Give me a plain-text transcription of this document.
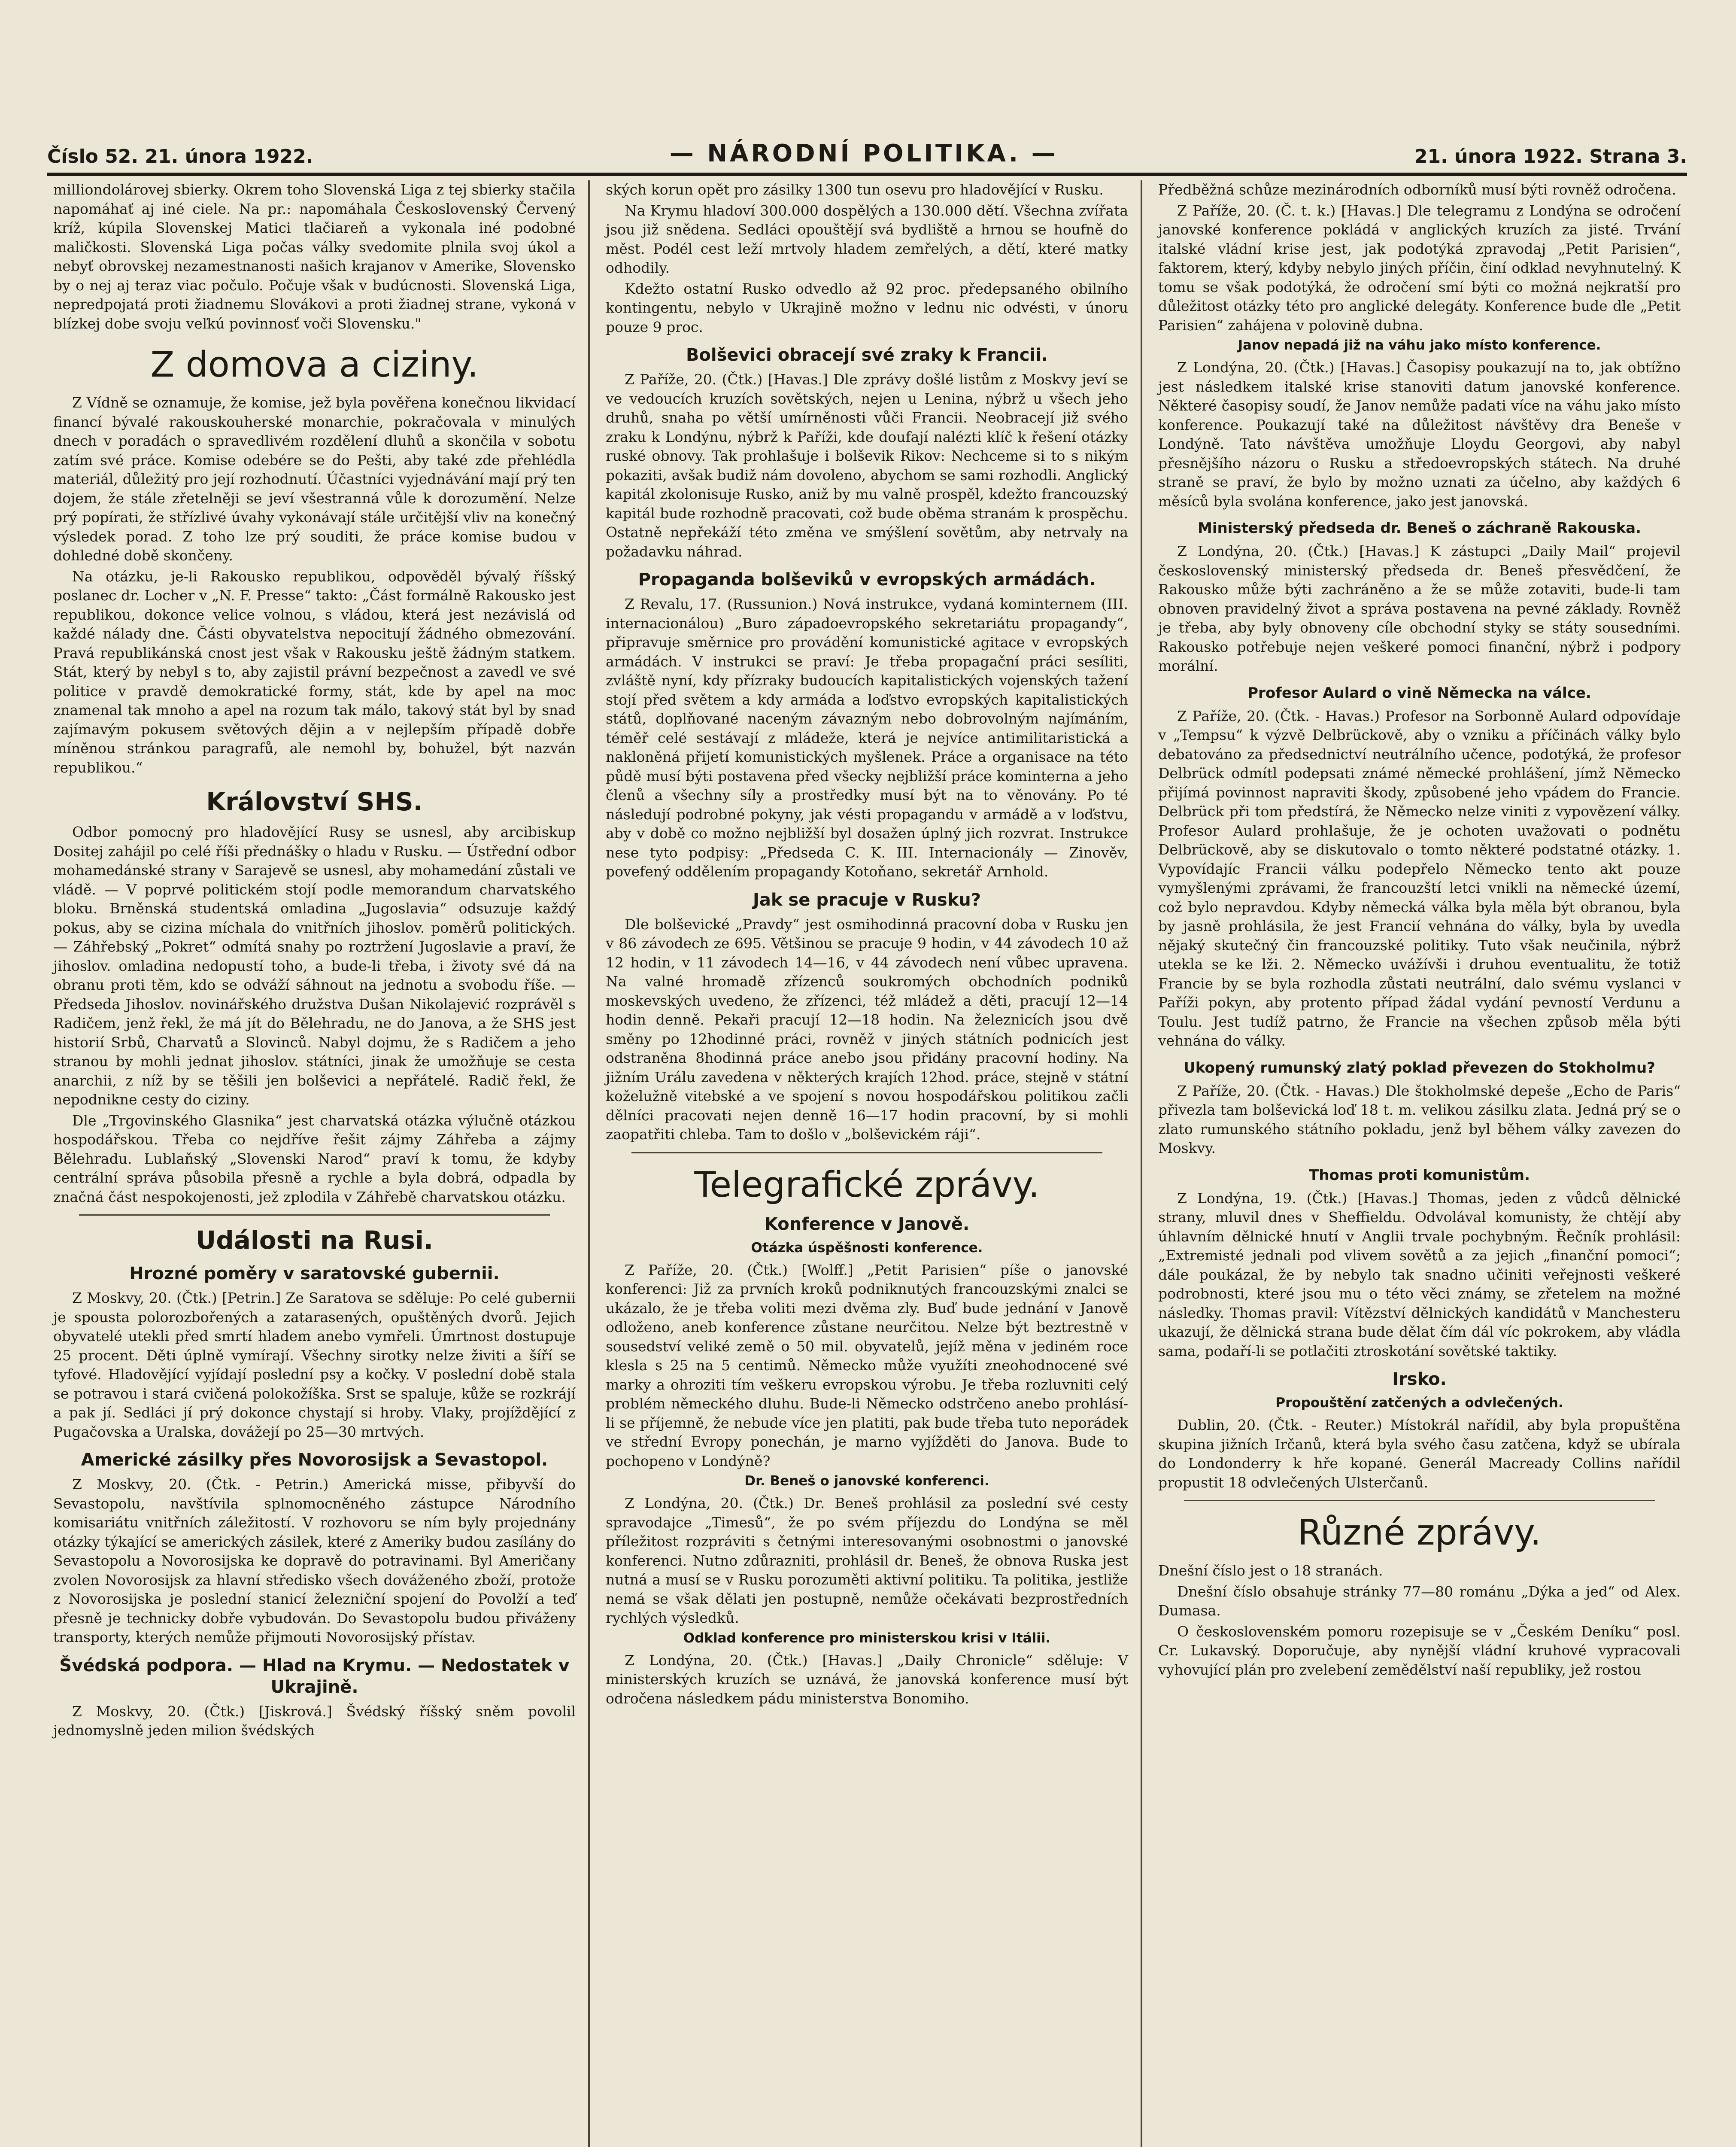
Číslo 52. 21. února 1922.	— NÁRODNÍ POLITIKA. —	21. února 1922. Strana 3.

milliondolárovej sbierky. Okrem toho Slovenská Liga z tej sbierky stačila napomáhať aj iné ciele. Na pr.: napomáhala Československý Červený kríž, kúpila Slovenskej Matici tlačiareň a vykonala iné podobné maličkosti. Slovenská Liga počas války svedomite plnila svoj úkol a nebyť obrovskej nezamestnanosti našich krajanov v Amerike, Slovensko by o nej aj teraz viac počulo. Počuje však v budúcnosti. Slovenská Liga, nepredpojatá proti žiadnemu Slovákovi a proti žiadnej strane, vykoná v blízkej dobe svoju veľkú povinnosť voči Slovensku."

Z domova a ciziny.

Z Vídně se oznamuje, že komise, jež byla pověřena konečnou likvidací financí bývalé rakouskouherské monarchie, pokračovala v minulých dnech v poradách o spravedlivém rozdělení dluhů a skončila v sobotu zatím své práce. Komise odebére se do Pešti, aby také zde přehlédla materiál, důležitý pro její rozhodnutí. Účastníci vyjednávání mají prý ten dojem, že stále zřetelněji se jeví všestranná vůle k dorozumění. Nelze prý popírati, že střízlivé úvahy vykonávají stále určitější vliv na konečný výsledek porad. Z toho lze prý souditi, že práce komise budou v dohledné době skončeny.

Na otázku, je-li Rakousko republikou, odpověděl bývalý říšský poslanec dr. Locher v „N. F. Presse“ takto: „Část formálně Rakousko jest republikou, dokonce velice volnou, s vládou, která jest nezávislá od každé nálady dne. Části obyvatelstva nepocitují žádného obmezování. Pravá republikánská cnost jest však v Rakousku ještě žádným statkem. Stát, který by nebyl s to, aby zajistil právní bezpečnost a zavedl ve své politice v pravdě demokratické formy, stát, kde by apel na moc znamenal tak mnoho a apel na rozum tak málo, takový stát byl by snad zajímavým pokusem světových dějin a v nejlepším případě dobře míněnou stránkou paragrafů, ale nemohl by, bohužel, být nazván republikou.“

Království SHS.

Odbor pomocný pro hladovějící Rusy se usnesl, aby arcibiskup Dositej zahájil po celé říši přednášky o hladu v Rusku. — Ústřední odbor mohamedánské strany v Sarajevě se usnesl, aby mohamedání zůstali ve vládě. — V poprvé politickém stojí podle memorandum charvatského bloku. Brněnská studentská omladina „Jugoslavia“ odsuzuje každý pokus, aby se cizina míchala do vnitřních jihoslov. poměrů politických. — Záhřebský „Pokret“ odmítá snahy po roztržení Jugoslavie a praví, že jihoslov. omladina nedopustí toho, a bude-li třeba, i životy své dá na obranu proti těm, kdo se odváží sáhnout na jednotu a svobodu říše. — Předseda Jihoslov. novinářského družstva Dušan Nikolajević rozprávěl s Radičem, jenž řekl, že má jít do Bělehradu, ne do Janova, a že SHS jest historií Srbů, Charvatů a Slovinců. Nabyl dojmu, že s Radičem a jeho stranou by mohli jednat jihoslov. státníci, jinak že umožňuje se cesta anarchii, z níž by se těšili jen bolševici a nepřátelé. Radič řekl, že nepodnikne cesty do ciziny.

Dle „Trgovinského Glasnika“ jest charvatská otázka výlučně otázkou hospodářskou. Třeba co nejdříve řešit zájmy Záhřeba a zájmy Bělehradu. Lublaňský „Slovenski Narod“ praví k tomu, že kdyby centrální správa působila přesně a rychle a byla dobrá, odpadla by značná část nespokojenosti, jež zplodila v Záhřebě charvatskou otázku.

Události na Rusi.
Hrozné poměry v saratovské gubernii.

Z Moskvy, 20. (Čtk.) [Petrin.] Ze Saratova se sděluje: Po celé gubernii je spousta polorozbořených a zatarasených, opuštěných dvorů. Jejich obyvatelé utekli před smrtí hladem anebo vymřeli. Úmrtnost dostupuje 25 procent. Děti úplně vymírají. Všechny sirotky nelze živiti a šíří se tyfové. Hladovějící vyjídají poslední psy a kočky. V poslední době stala se potravou i stará cvičená polokožíška. Srst se spaluje, kůže se rozkrájí a pak jí. Sedláci jí prý dokonce chystají si hroby. Vlaky, projíždějící z Pugačovska a Uralska, dovážejí po 25—30 mrtvých.

Americké zásilky přes Novorosijsk a Sevastopol.

Z Moskvy, 20. (Čtk. - Petrin.) Americká misse, přibyvší do Sevastopolu, navštívila splnomocněného zástupce Národního komisariátu vnitřních záležitostí. V rozhovoru se ním byly projednány otázky týkající se amerických zásilek, které z Ameriky budou zasílány do Sevastopolu a Novorosijska ke dopravě do potravinami. Byl Američany zvolen Novorosijsk za hlavní středisko všech dováženého zboží, protože z Novorosijska je poslední stanicí železniční spojení do Povolží a teď přesně je technicky dobře vybudován. Do Sevastopolu budou přiváženy transporty, kterých nemůže přijmouti Novorosijský přístav.

Švédská podpora. — Hlad na Krymu. — Nedostatek v Ukrajině.

Z Moskvy, 20. (Čtk.) [Jiskrová.] Švédský říšský sněm povolil jednomyslně jeden milion švédských

ských korun opět pro zásilky 1300 tun osevu pro hladovějící v Rusku.

Na Krymu hladoví 300.000 dospělých a 130.000 dětí. Všechna zvířata jsou již snědena. Sedláci opouštějí svá bydliště a hrnou se houfně do měst. Podél cest leží mrtvoly hladem zemřelých, a dětí, které matky odhodily.

Kdežto ostatní Rusko odvedlo až 92 proc. předepsaného obilního kontingentu, nebylo v Ukrajině možno v lednu nic odvésti, v únoru pouze 9 proc.

Bolševici obracejí své zraky k Francii.

Z Paříže, 20. (Čtk.) [Havas.] Dle zprávy došlé listům z Moskvy jeví se ve vedoucích kruzích sovětských, nejen u Lenina, nýbrž u všech jeho druhů, snaha po větší umírněnosti vůči Francii. Neobracejí již svého zraku k Londýnu, nýbrž k Paříži, kde doufají nalézti klíč k řešení otázky ruské obnovy. Tak prohlašuje i bolševik Rikov: Nechceme si to s nikým pokaziti, avšak budiž nám dovoleno, abychom se sami rozhodli. Anglický kapitál zkolonisuje Rusko, aniž by mu valně prospěl, kdežto francouzský kapitál bude rozhodně pracovati, což bude oběma stranám k prospěchu. Ostatně nepřekáží této změna ve smýšlení sovětům, aby netrvaly na požadavku náhrad.

Propaganda bolševiků v evropských armádách.

Z Revalu, 17. (Russunion.) Nová instrukce, vydaná kominternem (III. internacionálou) „Buro západoevropského sekretariátu propagandy“, připravuje směrnice pro provádění komunistické agitace v evropských armádách. V instrukci se praví: Je třeba propagační práci sesíliti, zvláště nyní, kdy přízraky budoucích kapitalistických vojenských tažení stojí před světem a kdy armáda a loďstvo evropských kapitalistických států, doplňované naceným závazným nebo dobrovolným najímáním, téměř celé sestávají z mládeže, která je nejvíce antimilitaristická a nakloněná přijetí komunistických myšlenek. Práce a organisace na této půdě musí býti postavena před všecky nejbližší práce kominterna a jeho členů a všechny síly a prostředky musí být na to věnovány. Po té následují podrobné pokyny, jak vésti propagandu v armádě a v loďstvu, aby v době co možno nejbližší byl dosažen úplný jich rozvrat. Instrukce nese tyto podpisy: „Předseda C. K. III. Internacionály — Zinověv, povefený oddělením propagandy Kotoňano, sekretář Arnhold.

Jak se pracuje v Rusku?

Dle bolševické „Pravdy“ jest osmihodinná pracovní doba v Rusku jen v 86 závodech ze 695. Většinou se pracuje 9 hodin, v 44 závodech 10 až 12 hodin, v 11 závodech 14—16, v 44 závodech není vůbec upravena. Na valné hromadě zřízenců soukromých obchodních podniků moskevských uvedeno, že zřízenci, též mládež a děti, pracují 12—14 hodin denně. Pekaři pracují 12—18 hodin. Na železnicích jsou dvě směny po 12hodinné práci, rovněž v jiných státních podnicích jest odstraněna 8hodinná práce anebo jsou přidány pracovní hodiny. Na jižním Urálu zavedena v některých krajích 12hod. práce, stejně v státní koželužně vitebské a ve spojení s novou hospodářskou politikou začli dělníci pracovati nejen denně 16—17 hodin pracovní, by si mohli zaopatřiti chleba. Tam to došlo v „bolševickém ráji“.

Telegrafické zprávy.
Konference v Janově.
Otázka úspěšnosti konference.

Z Paříže, 20. (Čtk.) [Wolff.] „Petit Parisien“ píše o janovské konferenci: Již za prvních kroků podniknutých francouzskými znalci se ukázalo, že je třeba voliti mezi dvěma zly. Buď bude jednání v Janově odloženo, aneb konference zůstane neurčitou. Nelze být beztrestně v sousedství veliké země o 50 mil. obyvatelů, jejíž měna v jediném roce klesla s 25 na 5 centimů. Německo může využíti zneohodnocené své marky a ohroziti tím veškeru evropskou výrobu. Je třeba rozluvniti celý problém německého dluhu. Bude-li Německo odstrčeno anebo prohlásí-li se příjemně, že nebude více jen platiti, pak bude třeba tuto neporádek ve střední Evropy ponechán, je marno vyjížděti do Janova. Bude to pochopeno v Londýně?

Dr. Beneš o janovské konferenci.

Z Londýna, 20. (Čtk.) Dr. Beneš prohlásil za poslední své cesty spravodajce „Timesů“, že po svém příjezdu do Londýna se měl příležitost rozpráviti s četnými interesovanými osobnostmi o janovské konferenci. Nutno zdůrazniti, prohlásil dr. Beneš, že obnova Ruska jest nutná a musí se v Rusku porozuměti aktivní politiku. Ta politika, jestliže nemá se však dělati jen postupně, nemůže očekávati bezprostředních rychlých výsledků.

Odklad konference pro ministerskou krisi v Itálii.

Z Londýna, 20. (Čtk.) [Havas.] „Daily Chronicle“ sděluje: V ministerských kruzích se uznává, že janovská konference musí být odročena následkem pádu ministerstva Bonomiho.

Předběžná schůze mezinárodních odborníků musí býti rovněž odročena.

Z Paříže, 20. (Č. t. k.) [Havas.] Dle telegramu z Londýna se odročení janovské konference pokládá v anglických kruzích za jisté. Trvání italské vládní krise jest, jak podotýká zpravodaj „Petit Parisien“, faktorem, který, kdyby nebylo jiných příčin, činí odklad nevyhnutelný. K tomu se však podotýká, že odročení smí býti co možná nejkratší pro důležitost otázky této pro anglické delegáty. Konference bude dle „Petit Parisien“ zahájena v polovině dubna.

Janov nepadá již na váhu jako místo konference.

Z Londýna, 20. (Čtk.) [Havas.] Časopisy poukazují na to, jak obtížno jest následkem italské krise stanoviti datum janovské konference. Některé časopisy soudí, že Janov nemůže padati více na váhu jako místo konference. Poukazují také na důležitost návštěvy dra Beneše v Londýně. Tato návštěva umožňuje Lloydu Georgovi, aby nabyl přesnějšího názoru o Rusku a středoevropských státech. Na druhé straně se praví, že bylo by možno uznati za účelno, aby každých 6 měsíců byla svolána konference, jako jest janovská.

Ministerský předseda dr. Beneš o záchraně Rakouska.

Z Londýna, 20. (Čtk.) [Havas.] K zástupci „Daily Mail“ projevil československý ministerský předseda dr. Beneš přesvědčení, že Rakousko může býti zachráněno a že se může zotaviti, bude-li tam obnoven pravidelný život a správa postavena na pevné základy. Rovněž je třeba, aby byly obnoveny cíle obchodní styky se státy sousedními. Rakousko potřebuje nejen veškeré pomoci finanční, nýbrž i podpory morální.

Profesor Aulard o vině Německa na válce.

Z Paříže, 20. (Čtk. - Havas.) Profesor na Sorbonně Aulard odpovídaje v „Tempsu“ k výzvě Delbrückově, aby o vzniku a příčinách války bylo debatováno za předsednictví neutrálního učence, podotýká, že profesor Delbrück odmítl podepsati známé německé prohlášení, jímž Německo přijímá povinnost napraviti škody, způsobené jeho vpádem do Francie. Delbrück při tom předstírá, že Německo nelze viniti z vypovězení války. Profesor Aulard prohlašuje, že je ochoten uvažovati o podnětu Delbrückově, aby se diskutovalo o tomto některé podstatné otázky. 1. Vypovídajíc Francii válku podepřelo Německo tento akt pouze vymyšlenými zprávami, že francouzští letci vnikli na německé území, což bylo nepravdou. Kdyby německá válka byla měla být obranou, byla by jasně prohlásila, že jest Francií vehnána do války, byla by uvedla nějaký skutečný čin francouzské politiky. Tuto však neučinila, nýbrž utekla se ke lži. 2. Německo uvážívši i druhou eventualitu, že totiž Francie by se byla rozhodla zůstati neutrální, dalo svému vyslanci v Paříži pokyn, aby protento případ žádal vydání pevností Verdunu a Toulu. Jest tudíž patrno, že Francie na všechen způsob měla býti vehnána do války.

Ukopený rumunský zlatý poklad převezen do Stokholmu?

Z Paříže, 20. (Čtk. - Havas.) Dle štokholmské depeše „Echo de Paris“ přivezla tam bolševická loď 18 t. m. velikou zásilku zlata. Jedná prý se o zlato rumunského státního pokladu, jenž byl během války zavezen do Moskvy.

Thomas proti komunistům.

Z Londýna, 19. (Čtk.) [Havas.] Thomas, jeden z vůdců dělnické strany, mluvil dnes v Sheffieldu. Odvolával komunisty, že chtějí aby úhlavním dělnické hnutí v Anglii trvale pochybným. Řečník prohlásil: „Extremisté jednali pod vlivem sovětů a za jejich „finanční pomoci“; dále poukázal, že by nebylo tak snadno učiniti veřejnosti veškeré podrobnosti, které jsou mu o této věci známy, se zřetelem na možné následky. Thomas pravil: Vítězství dělnických kandidátů v Manchesteru ukazují, že dělnická strana bude dělat čím dál víc pokrokem, aby vládla sama, podaří-li se potlačiti ztroskotání sovětské taktiky.

Irsko.
Propouštění zatčených a odvlečených.

Dublin, 20. (Čtk. - Reuter.) Místokrál nařídil, aby byla propuštěna skupina jižních Irčanů, která byla svého času zatčena, když se ubírala do Londonderry k hře kopané. Generál Macready Collins nařídil propustit 18 odvlečených Ulsterčanů.

Různé zprávy.

Dnešní číslo jest o 18 stranách.

Dnešní číslo obsahuje stránky 77—80 románu „Dýka a jed“ od Alex. Dumasa.

O československém pomoru rozepisuje se v „Českém Deníku“ posl. Cr. Lukavský. Doporučuje, aby nynější vládní kruhové vypracovali vyhovující plán pro zvelebení zemědělství naší republiky, jež rostou
